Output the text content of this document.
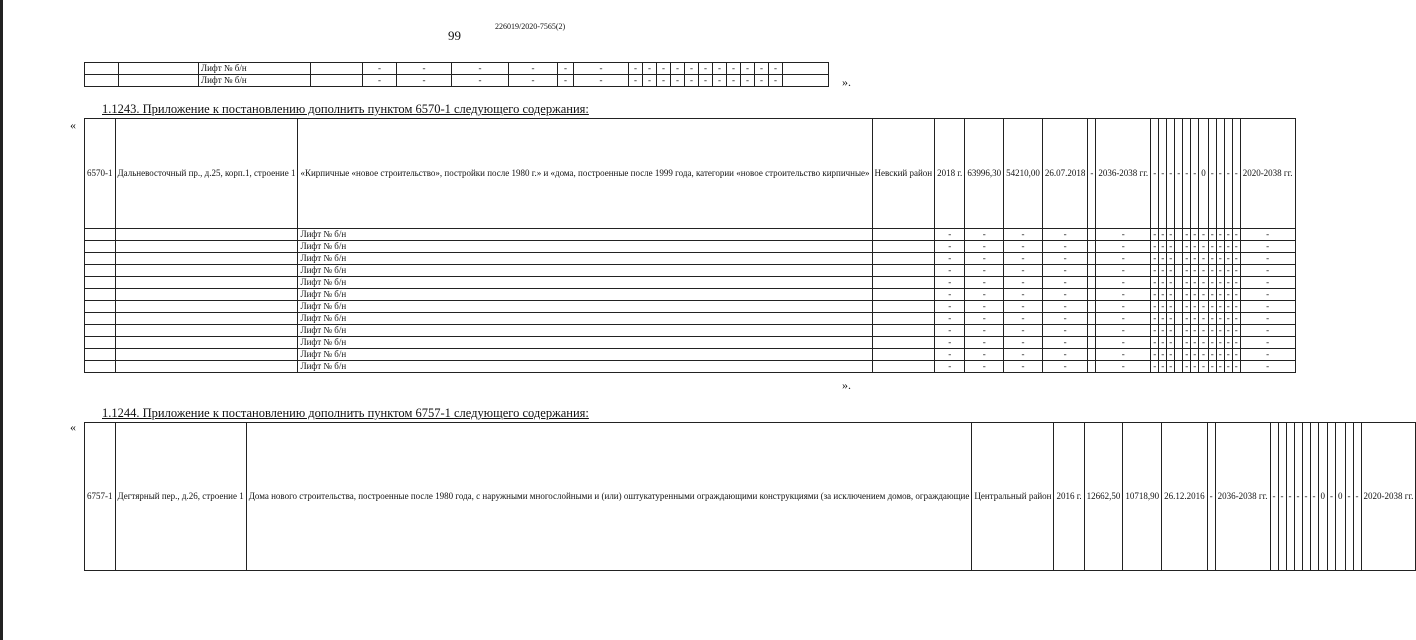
99
226019/2020-7565(2)
		Лифт № б/н		-	-	-	-	-	-	-	-	-	-	-	-	-	-	-	-	-	
		Лифт № б/н		-	-	-	-	-	-	-	-	-	-	-	-	-	-	-	-	-		».
1.1243. Приложение к постановлению дополнить пунктом 6570-1 следующего содержания:
«
6570-1	Дальневосточный пр., д.25, корп.1, строение 1	«Кирпичные «новое строительство», постройки после 1980 г.» и «дома, построенные после 1999 года, категории «новое строительство кирпичные»	Невский район	2018 г.	63996,30	54210,00	26.07.2018	-	2036-2038 гг.	-	-	-	-	-	-	0	-	-	-	-	2020-2038 гг.
		Лифт № б/н		-	-	-	-		-	-	-	-		-	-	-	-	-	-	-	-
		Лифт № б/н		-	-	-	-		-	-	-	-		-	-	-	-	-	-	-	-
		Лифт № б/н		-	-	-	-		-	-	-	-		-	-	-	-	-	-	-	-
		Лифт № б/н		-	-	-	-		-	-	-	-		-	-	-	-	-	-	-	-
		Лифт № б/н		-	-	-	-		-	-	-	-		-	-	-	-	-	-	-	-
		Лифт № б/н		-	-	-	-		-	-	-	-		-	-	-	-	-	-	-	-
		Лифт № б/н		-	-	-	-		-	-	-	-		-	-	-	-	-	-	-	-
		Лифт № б/н		-	-	-	-		-	-	-	-		-	-	-	-	-	-	-	-
		Лифт № б/н		-	-	-	-		-	-	-	-		-	-	-	-	-	-	-	-
		Лифт № б/н		-	-	-	-		-	-	-	-		-	-	-	-	-	-	-	-
		Лифт № б/н		-	-	-	-		-	-	-	-		-	-	-	-	-	-	-	-
		Лифт № б/н		-	-	-	-		-	-	-	-		-	-	-	-	-	-	-	-
».
1.1244. Приложение к постановлению дополнить пунктом 6757-1 следующего содержания:
«
6757-1	Дегтярный пер., д.26, строение 1	Дома нового строительства, построенные после 1980 года, с наружными многослойными и (или) оштукатуренными ограждающими конструкциями (за исключением домов, ограждающие	Центральный район	2016 г.	12662,50	10718,90	26.12.2016	-	2036-2038 гг.	-	-	-	-	-	-	0	-	0	-	-	2020-2038 гг.
